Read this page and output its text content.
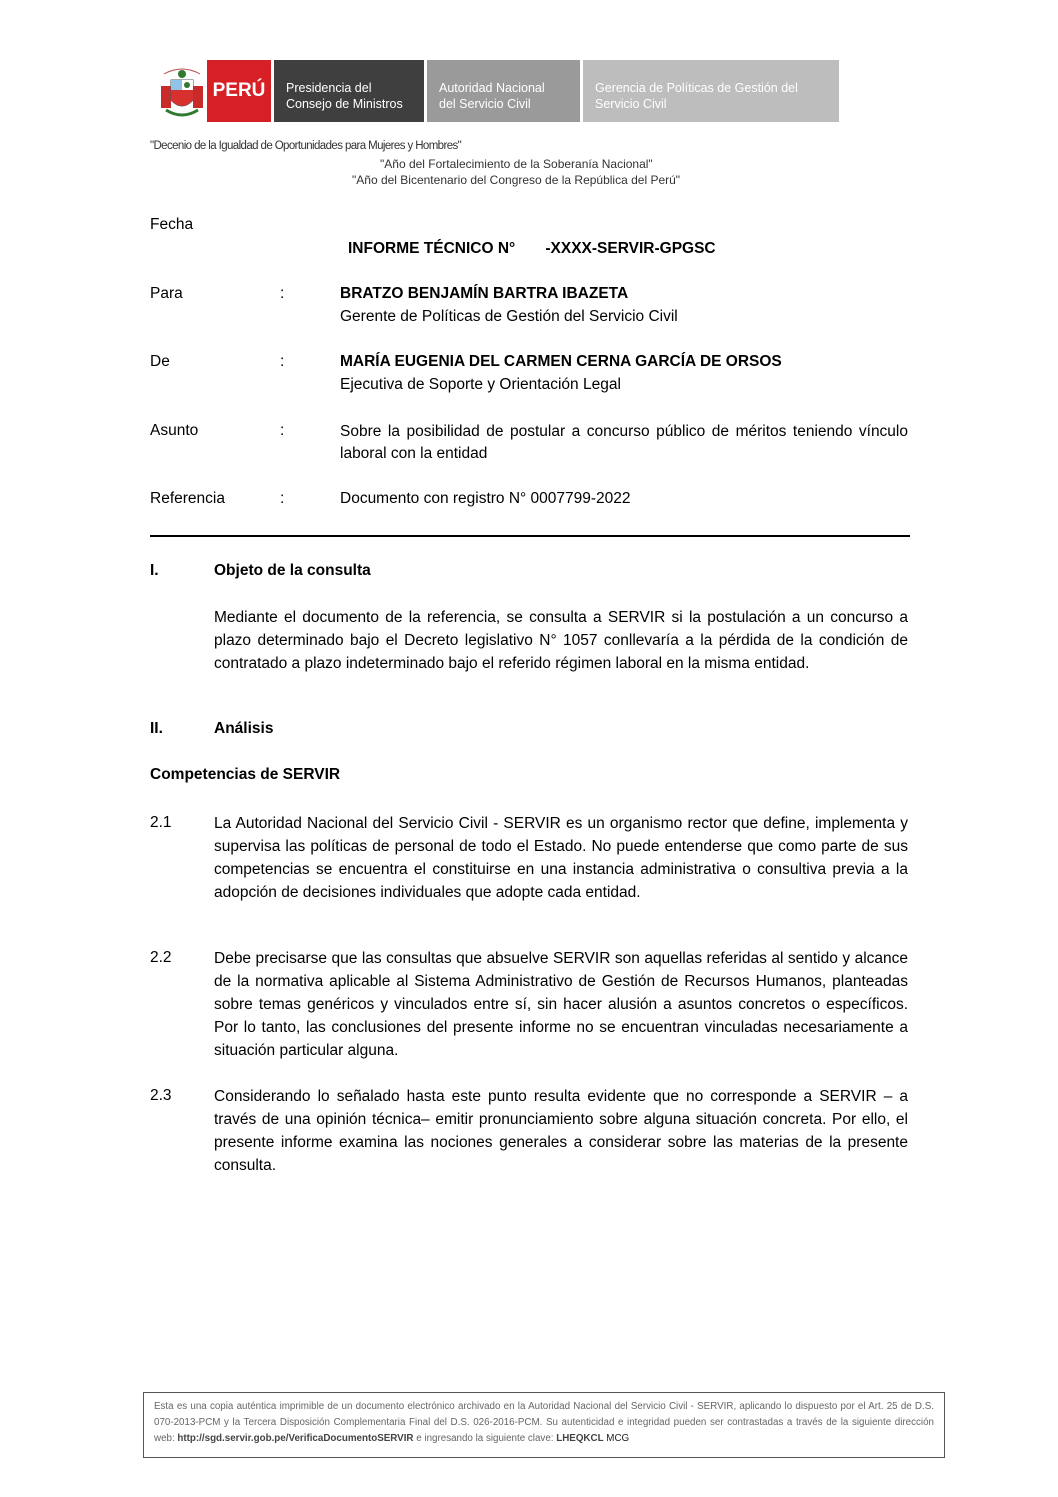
PERÚ	Presidencia del
Consejo de Ministros
Autoridad Nacional
del Servicio Civil
Gerencia de Políticas de Gestión del
Servicio Civil
"Decenio de la Igualdad de Oportunidades para Mujeres y Hombres"
"Año del Fortalecimiento de la Soberanía Nacional"
"Año del Bicentenario del Congreso de la República del Perú"
Fecha
INFORME TÉCNICO N°       -XXXX-SERVIR-GPGSC
Para	:	BRATZO BENJAMÍN BARTRA IBAZETA
Gerente de Políticas de Gestión del Servicio Civil
De	:	MARÍA EUGENIA DEL CARMEN CERNA GARCÍA DE ORSOS
Ejecutiva de Soporte y Orientación Legal
Asunto	:	Sobre la posibilidad de postular a concurso público de méritos teniendo vínculo laboral con la entidad
Referencia	:	Documento con registro N° 0007799-2022
I.	Objeto de la consulta
Mediante el documento de la referencia, se consulta a SERVIR si la postulación a un concurso a plazo determinado bajo el Decreto legislativo N° 1057 conllevaría a la pérdida de la condición de contratado a plazo indeterminado bajo el referido régimen laboral en la misma entidad.
II.	Análisis
Competencias de SERVIR
2.1	La Autoridad Nacional del Servicio Civil - SERVIR es un organismo rector que define, implementa y supervisa las políticas de personal de todo el Estado. No puede entenderse que como parte de sus competencias se encuentra el constituirse en una instancia administrativa o consultiva previa a la adopción de decisiones individuales que adopte cada entidad.
2.2	Debe precisarse que las consultas que absuelve SERVIR son aquellas referidas al sentido y alcance de la normativa aplicable al Sistema Administrativo de Gestión de Recursos Humanos, planteadas sobre temas genéricos y vinculados entre sí, sin hacer alusión a asuntos concretos o específicos. Por lo tanto, las conclusiones del presente informe no se encuentran vinculadas necesariamente a situación particular alguna.
2.3	Considerando lo señalado hasta este punto resulta evidente que no corresponde a SERVIR – a través de una opinión técnica– emitir pronunciamiento sobre alguna situación concreta. Por ello, el presente informe examina las nociones generales a considerar sobre las materias de la presente consulta.
Esta es una copia auténtica imprimible de un documento electrónico archivado en la Autoridad Nacional del Servicio Civil - SERVIR, aplicando lo dispuesto por el Art. 25 de D.S. 070-2013-PCM y la Tercera Disposición Complementaria Final del D.S. 026-2016-PCM. Su autenticidad e integridad pueden ser contrastadas a través de la siguiente dirección web: http://sgd.servir.gob.pe/VerificaDocumentoSERVIR e ingresando la siguiente clave: LHEQKCL MCG
